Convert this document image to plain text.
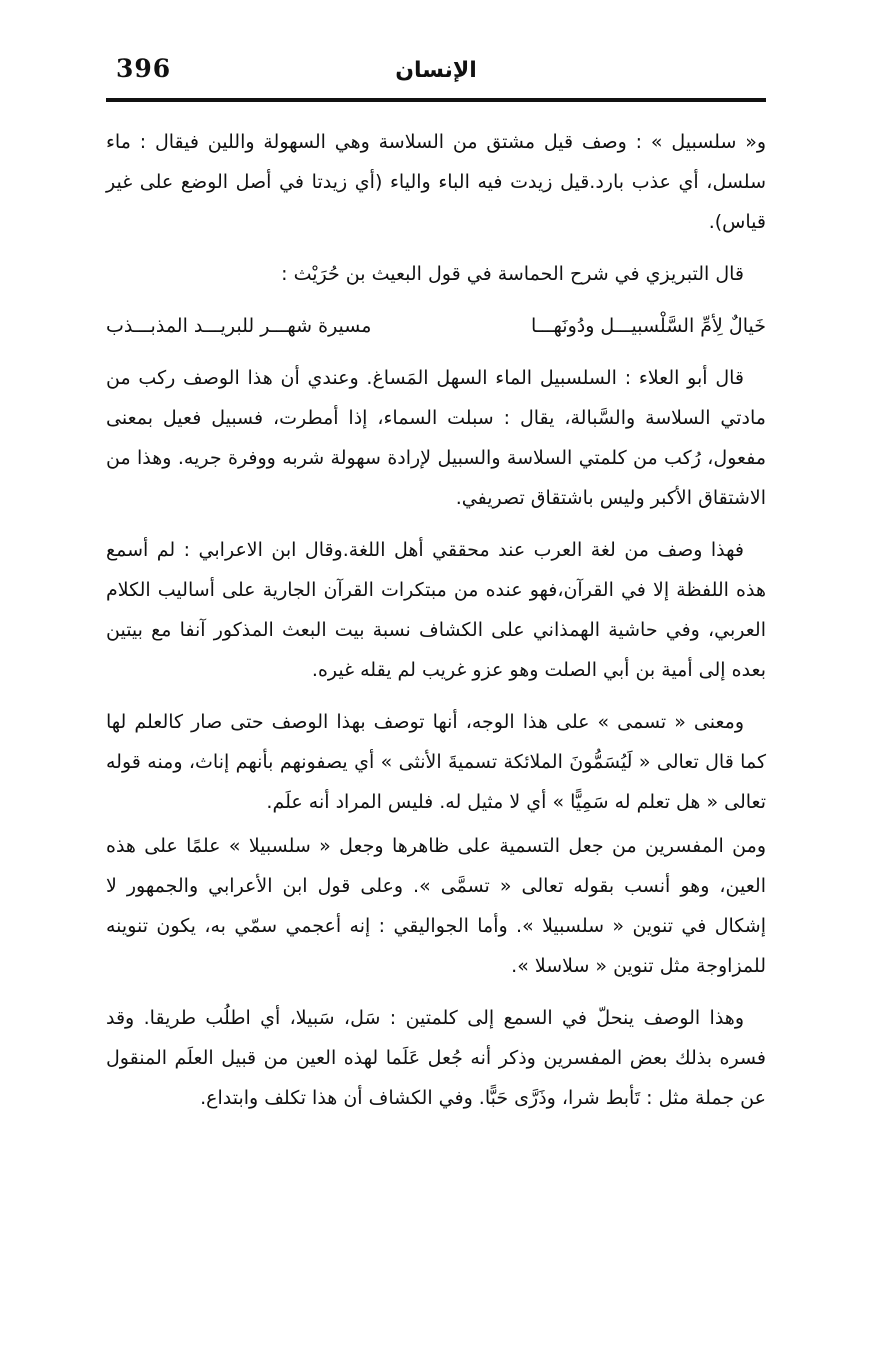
396	الإنسان

و« سلسبيل » : وصف قيل مشتق من السلاسة وهي السهولة واللين فيقال : ماء سلسل، أي عذب بارد.قيل زيدت فيه الباء والياء (أي زيدتا في أصل الوضع على غير قياس).

قال التبريزي في شرح الحماسة في قول البعيث بن حُرَيْث :

خَيالٌ لِأمِّ السَّلْسبيـــل ودُونَهـــا
مسيرة شهـــر للبريـــد المذبـــذب

قال أبو العلاء : السلسبيل الماء السهل المَساغ. وعندي أن هذا الوصف ركب من مادتي السلاسة والسَّبالة، يقال : سبلت السماء، إذا أمطرت، فسبيل فعيل بمعنى مفعول، رُكب من كلمتي السلاسة والسبيل لإرادة سهولة شربه ووفرة جريه. وهذا من الاشتقاق الأكبر وليس باشتقاق تصريفي.

فهذا وصف من لغة العرب عند محققي أهل اللغة.وقال ابن الاعرابي : لم أسمع هذه اللفظة إلا في القرآن،فهو عنده من مبتكرات القرآن الجارية على أساليب الكلام العربي، وفي حاشية الهمذاني على الكشاف نسبة بيت البعث المذكور آنفا مع بيتين بعده إلى أمية بن أبي الصلت وهو عزو غريب لم يقله غيره.

ومعنى « تسمى » على هذا الوجه، أنها توصف بهذا الوصف حتى صار كالعلم لها كما قال تعالى « لَيُسَمُّونَ الملائكة تسميةَ الأنثى » أي يصفونهم بأنهم إناث، ومنه قوله تعالى « هل تعلم له سَمِيًّا » أي لا مثيل له. فليس المراد أنه علَم.

ومن المفسرين من جعل التسمية على ظاهرها وجعل « سلسبيلا » علمًا على هذه العين، وهو أنسب بقوله تعالى « تسمَّى ». وعلى قول ابن الأعرابي والجمهور لا إشكال في تنوين « سلسبيلا ». وأما الجواليقي : إنه أعجمي سمّي به، يكون تنوينه للمزاوجة مثل تنوين « سلاسلا ».

وهذا الوصف ينحلّ في السمع إلى كلمتين : سَل، سَبيلا، أي اطلُب طريقا. وقد فسره بذلك بعض المفسرين وذكر أنه جُعل عَلَما لهذه العين من قبيل العلَم المنقول عن جملة مثل : تَأبط شرا، وذَرَّى حَبًّا. وفي الكشاف أن هذا تكلف وابتداع.
